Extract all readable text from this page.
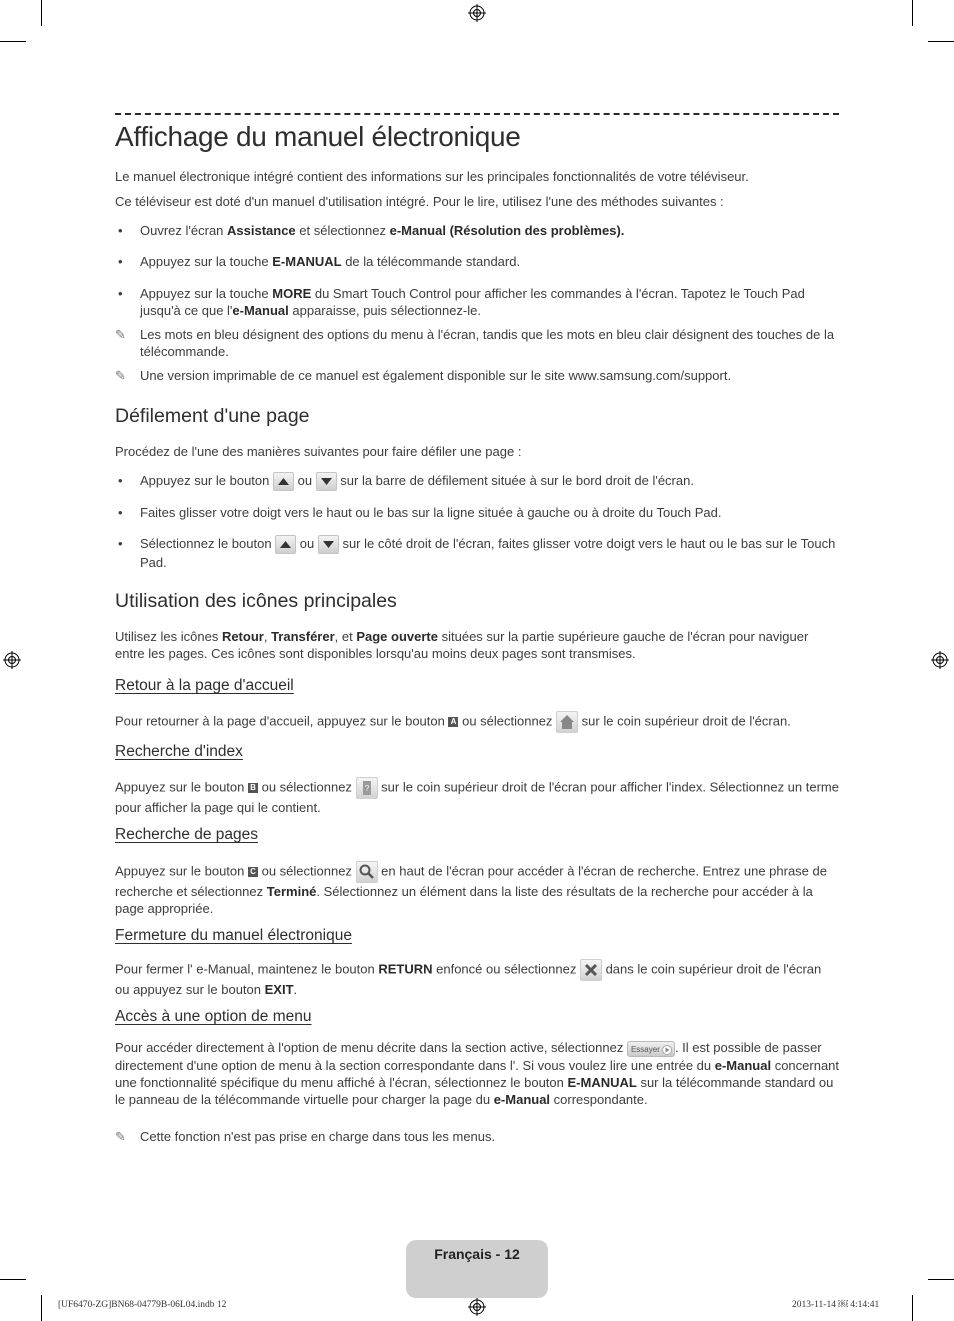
Affichage du manuel électronique

Le manuel électronique intégré contient des informations sur les principales fonctionnalités de votre téléviseur.

Ce téléviseur est doté d'un manuel d'utilisation intégré. Pour le lire, utilisez l'une des méthodes suivantes :

• Ouvrez l'écran Assistance et sélectionnez e-Manual (Résolution des problèmes).
• Appuyez sur la touche E-MANUAL de la télécommande standard.
• Appuyez sur la touche MORE du Smart Touch Control pour afficher les commandes à l'écran. Tapotez le Touch Pad jusqu'à ce que l'e-Manual apparaisse, puis sélectionnez-le.
✎ Les mots en bleu désignent des options du menu à l'écran, tandis que les mots en bleu clair désignent des touches de la télécommande.
✎ Une version imprimable de ce manuel est également disponible sur le site www.samsung.com/support.
Défilement d'une page

Procédez de l'une des manières suivantes pour faire défiler une page :

• Appuyez sur le bouton  ou  sur la barre de défilement située à sur le bord droit de l'écran.
• Faites glisser votre doigt vers le haut ou le bas sur la ligne située à gauche ou à droite du Touch Pad.
• Sélectionnez le bouton  ou  sur le côté droit de l'écran, faites glisser votre doigt vers le haut ou le bas sur le Touch Pad.
Utilisation des icônes principales

Utilisez les icônes Retour, Transférer, et Page ouverte situées sur la partie supérieure gauche de l'écran pour naviguer entre les pages. Ces icônes sont disponibles lorsqu'au moins deux pages sont transmises.

Retour à la page d'accueil

Pour retourner à la page d'accueil, appuyez sur le bouton A ou sélectionnez  sur le coin supérieur droit de l'écran.

Recherche d'index

Appuyez sur le bouton B ou sélectionnez ? sur le coin supérieur droit de l'écran pour afficher l'index. Sélectionnez un terme pour afficher la page qui le contient.

Recherche de pages

Appuyez sur le bouton C ou sélectionnez  en haut de l'écran pour accéder à l'écran de recherche. Entrez une phrase de recherche et sélectionnez Terminé. Sélectionnez un élément dans la liste des résultats de la recherche pour accéder à la page appropriée.

Fermeture du manuel électronique

Pour fermer l' e-Manual, maintenez le bouton RETURN enfoncé ou sélectionnez  dans le coin supérieur droit de l'écran ou appuyez sur le bouton EXIT.

Accès à une option de menu

Pour accéder directement à l'option de menu décrite dans la section active, sélectionnez Essayer . Il est possible de passer directement d'une option de menu à la section correspondante dans l'. Si vous voulez lire une entrée du e-Manual concernant une fonctionnalité spécifique du menu affiché à l'écran, sélectionnez le bouton E-MANUAL sur la télécommande standard ou le panneau de la télécommande virtuelle pour charger la page du e-Manual correspondante.

✎ Cette fonction n'est pas prise en charge dans tous les menus.
Français - 12
[UF6470-ZG]BN68-04779B-06L04.indb 12	2013-11-14 ￼ 4:14:41
